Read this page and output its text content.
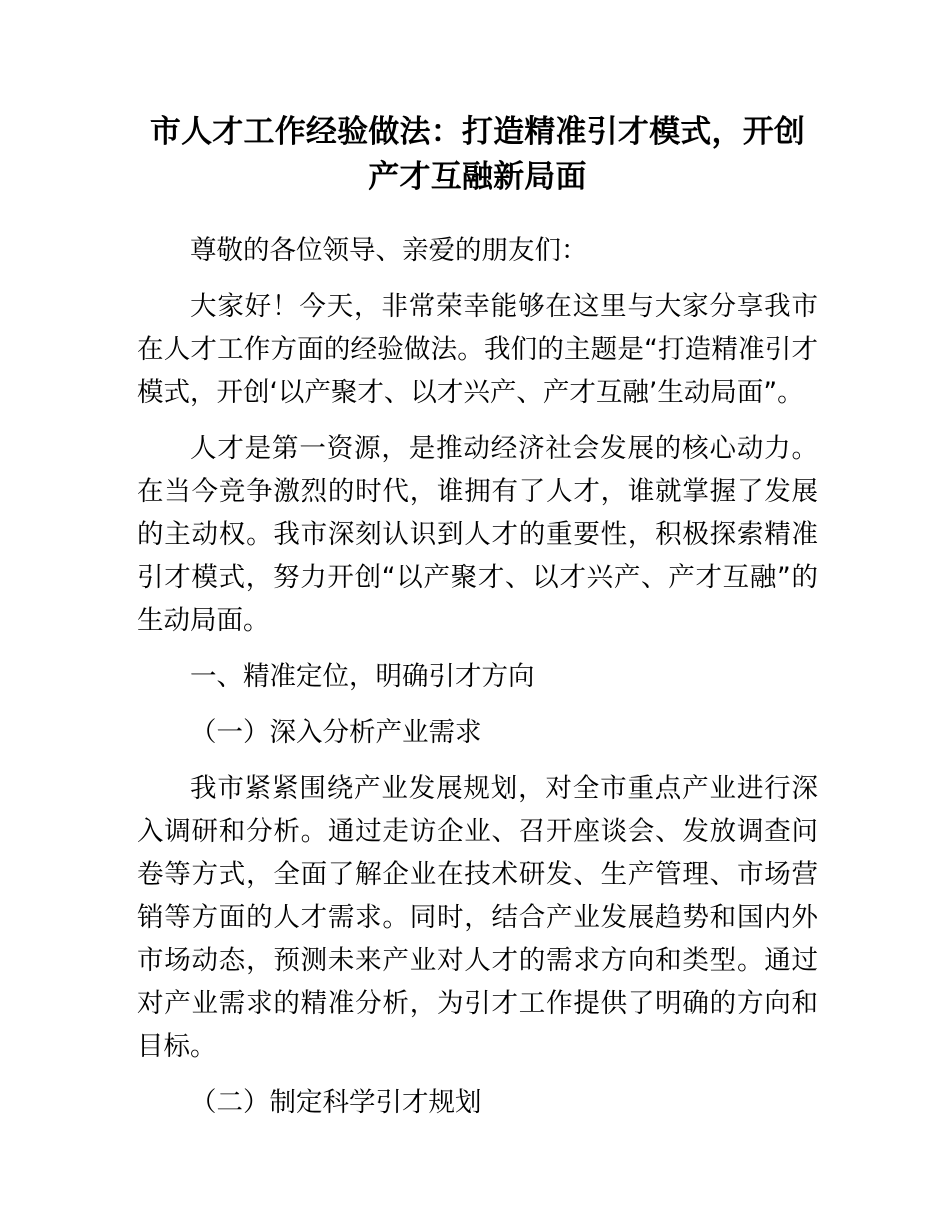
市人才工作经验做法：打造精准引才模式，开创产才互融新局面

尊敬的各位领导、亲爱的朋友们：

大家好！今天，非常荣幸能够在这里与大家分享我市在人才工作方面的经验做法。我们的主题是“打造精准引才模式，开创‘以产聚才、以才兴产、产才互融’生动局面”。

人才是第一资源，是推动经济社会发展的核心动力。在当今竞争激烈的时代，谁拥有了人才，谁就掌握了发展的主动权。我市深刻认识到人才的重要性，积极探索精准引才模式，努力开创“以产聚才、以才兴产、产才互融”的生动局面。

一、精准定位，明确引才方向

（一）深入分析产业需求

我市紧紧围绕产业发展规划，对全市重点产业进行深入调研和分析。通过走访企业、召开座谈会、发放调查问卷等方式，全面了解企业在技术研发、生产管理、市场营销等方面的人才需求。同时，结合产业发展趋势和国内外市场动态，预测未来产业对人才的需求方向和类型。通过对产业需求的精准分析，为引才工作提供了明确的方向和目标。

（二）制定科学引才规划
